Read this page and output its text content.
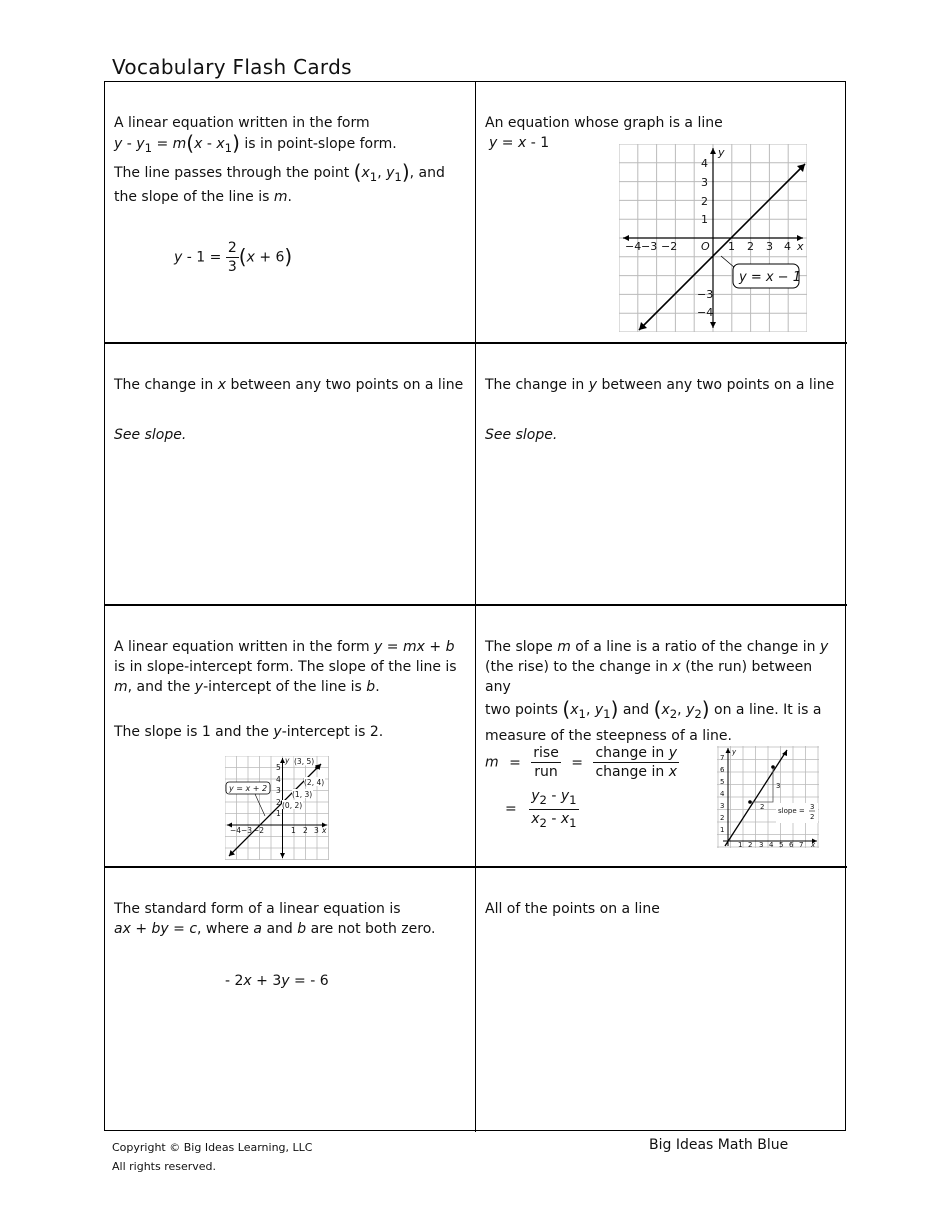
Vocabulary Flash Cards

A linear equation written in the form

$y - y_1 = m(x - x_1)$ is in point-slope form.

The line passes through the point ($x_1$, $y_1$), and

the slope of the line is m.

$y - 1 = \frac{2}{3} (x + 6)$

An equation whose graph is a line

y = x - 1

−4 −3 −2 O 1 2 3 4 x
y
4
3
2
1
−3
−4
y = x − 1

The change in x between any two points on a line

See slope.

The change in y between any two points on a line

See slope.

A linear equation written in the form y = mx + b

is in slope-intercept form. The slope of the line is

m, and the y-intercept of the line is b.

The slope is 1 and the y-intercept is 2.

(3, 5)
(2, 4)
(1, 3)
(0, 2)
−4 −3 −2	1 2 3 x
y
5
4
3
2
1
y = x + 2

The slope m of a line is a ratio of the change in y

(the rise) to the change in x (the run) between any

two points ($x_1$, $y_1$) and ($x_2$, $y_2$) on a line. It is a

measure of the steepness of a line.

$m = \frac{\text{rise}}{\text{run}} = \frac{\text{change in y}}{\text{change in x}}$
= $\frac{y_2 - y_1}{x_2 - x_1}$
3
2 slope = 3
2
1 2 3 4 5 6 7 x
y
7
6
5
4
3
2
1

The standard form of a linear equation is

ax + by = c, where a and b are not both zero.

- 2x + 3y = - 6

All of the points on a line

Copyright © Big Ideas Learning, LLC
All rights reserved.
Big Ideas Math Blue
